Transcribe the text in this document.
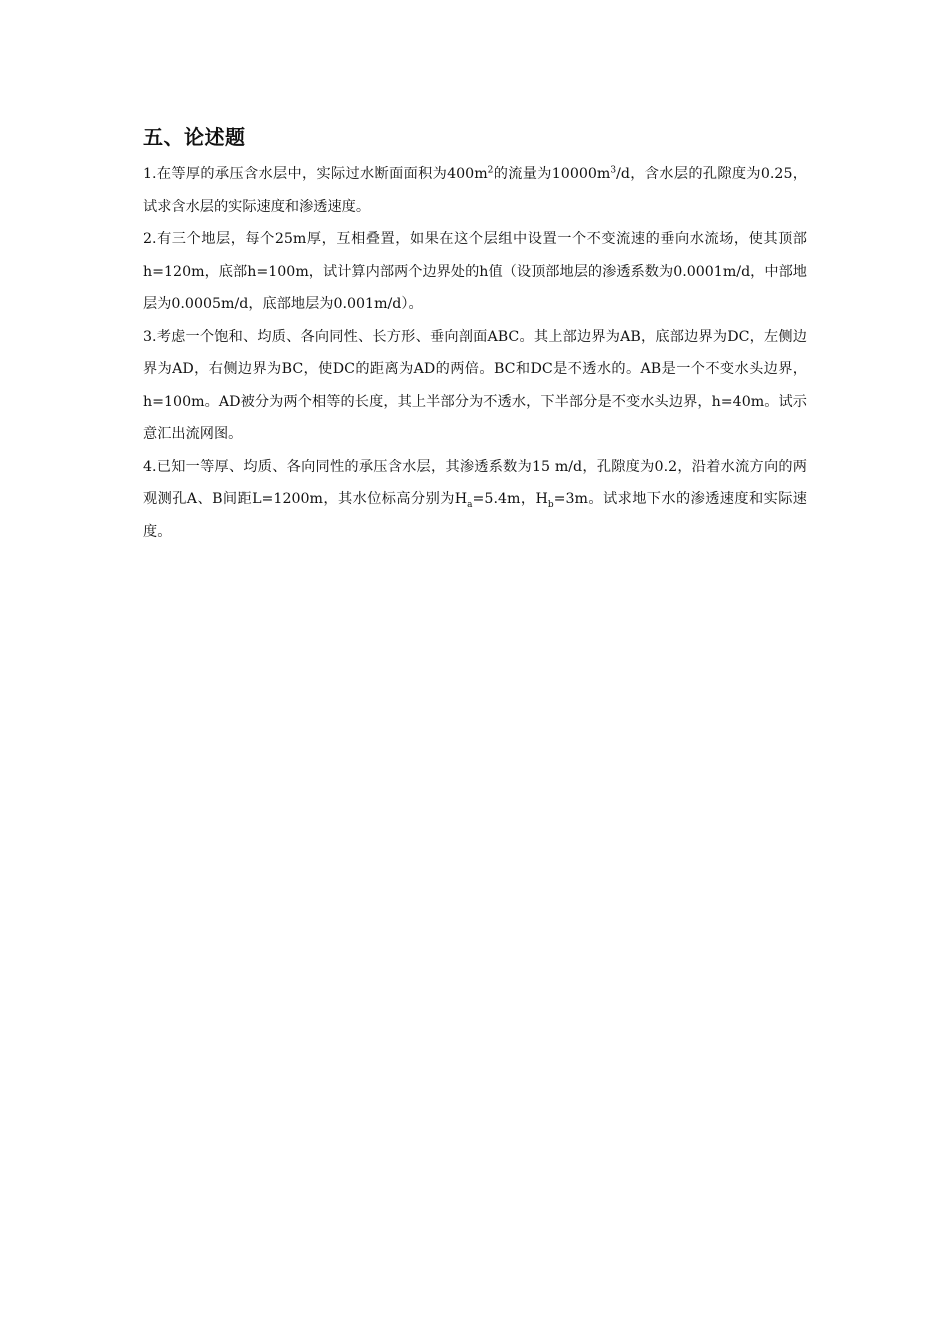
五、论述题

1.在等厚的承压含水层中，实际过水断面面积为$400m^2$的流量为$10000m^3/d$，含水层的孔隙度为0.25，试求含水层的实际速度和渗透速度。

2.有三个地层，每个25m厚，互相叠置，如果在这个层组中设置一个不变流速的垂向水流场，使其顶部h=120m，底部h=100m，试计算内部两个边界处的h值（设顶部地层的渗透系数为0.0001m/d，中部地层为0.0005m/d，底部地层为0.001m/d）。

3.考虑一个饱和、均质、各向同性、长方形、垂向剖面ABC。其上部边界为AB，底部边界为DC，左侧边界为AD，右侧边界为BC，使DC的距离为AD的两倍。BC和DC是不透水的。AB是一个不变水头边界，h=100m。AD被分为两个相等的长度，其上半部分为不透水，下半部分是不变水头边界，h=40m。试示意汇出流网图。

4.已知一等厚、均质、各向同性的承压含水层，其渗透系数为15 m/d，孔隙度为0.2，沿着水流方向的两观测孔A、B间距L=1200m，其水位标高分别为$H_a=5.4m$，$H_b=3m$。试求地下水的渗透速度和实际速度。
